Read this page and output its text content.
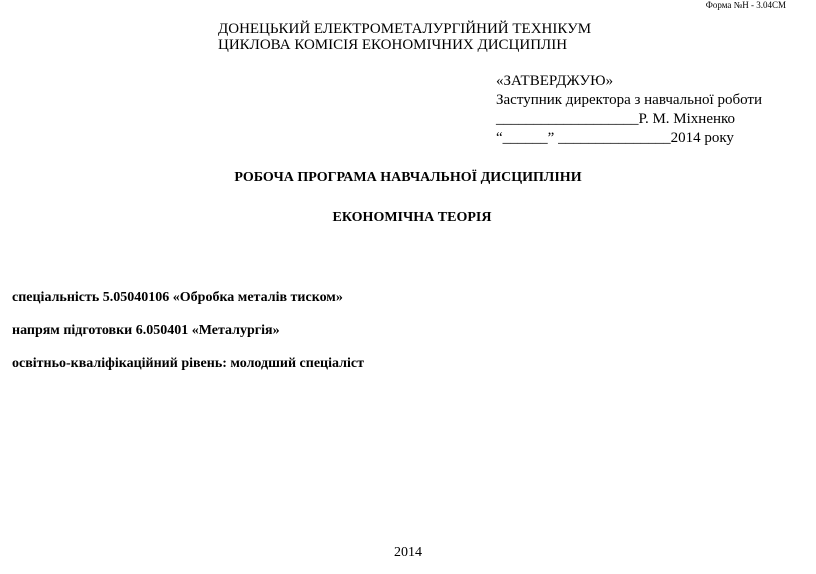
Форма №Н - 3.04СМ
ДОНЕЦЬКИЙ ЕЛЕКТРОМЕТАЛУРГІЙНИЙ ТЕХНІКУМ
ЦИКЛОВА КОМІСІЯ ЕКОНОМІЧНИХ ДИСЦИПЛІН
«ЗАТВЕРДЖУЮ»
Заступник директора з навчальної роботи
___________________Р. М. Міхненко
“______” _______________2014 року
РОБОЧА ПРОГРАМА НАВЧАЛЬНОЇ ДИСЦИПЛІНИ
ЕКОНОМІЧНА ТЕОРІЯ
спеціальність 5.05040106 «Обробка металів тиском»
напрям підготовки 6.050401 «Металургія»
освітньо-кваліфікаційний рівень: молодший спеціаліст
2014
